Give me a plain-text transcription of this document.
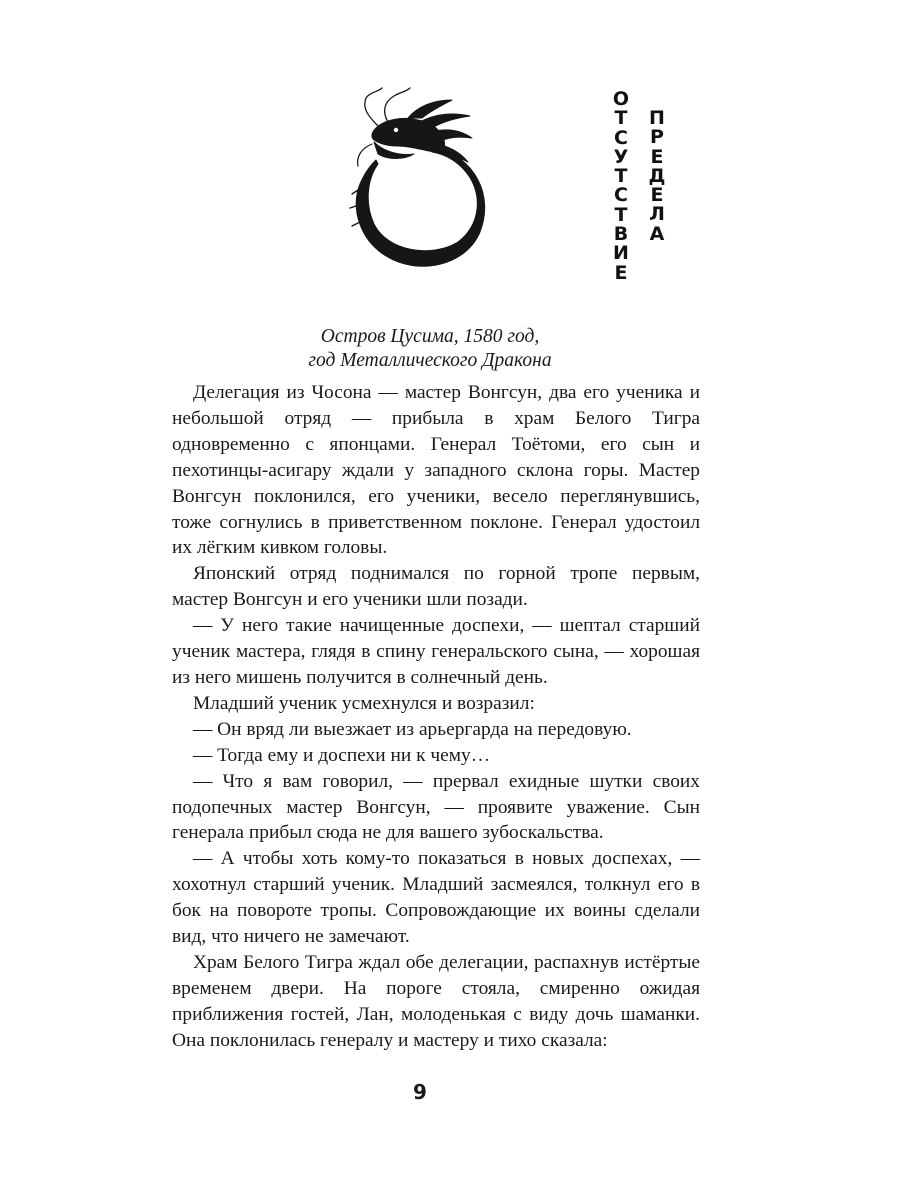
О
Т
С
У
Т
С
Т
В
И
Е
П
Р
Е
Д
Е
Л
А
Остров Цусима, 1580 год,
год Металлического Дракона

Делегация из Чосона — мастер Вонгсун, два его ученика и небольшой отряд — прибыла в храм Белого Тигра одновременно с японцами. Генерал Тоётоми, его сын и пехотинцы-асигару ждали у западного склона горы. Мастер Вонгсун поклонился, его ученики, весело переглянувшись, тоже согнулись в приветственном поклоне. Генерал удостоил их лёгким кивком головы.

Японский отряд поднимался по горной тропе первым, мастер Вонгсун и его ученики шли позади.

— У него такие начищенные доспехи, — шептал старший ученик мастера, глядя в спину генеральского сына, — хорошая из него мишень получится в солнечный день.

Младший ученик усмехнулся и возразил:

— Он вряд ли выезжает из арьергарда на передовую.

— Тогда ему и доспехи ни к чему…

— Что я вам говорил, — прервал ехидные шутки своих подопечных мастер Вонгсун, — проявите уважение. Сын генерала прибыл сюда не для вашего зубоскальства.

— А чтобы хоть кому-то показаться в новых доспехах, — хохотнул старший ученик. Младший засмеялся, толкнул его в бок на повороте тропы. Сопровождающие их воины сделали вид, что ничего не замечают.

Храм Белого Тигра ждал обе делегации, распахнув истёртые временем двери. На пороге стояла, смиренно ожидая приближения гостей, Лан, молоденькая с виду дочь шаманки. Она поклонилась генералу и мастеру и тихо сказала:

9
